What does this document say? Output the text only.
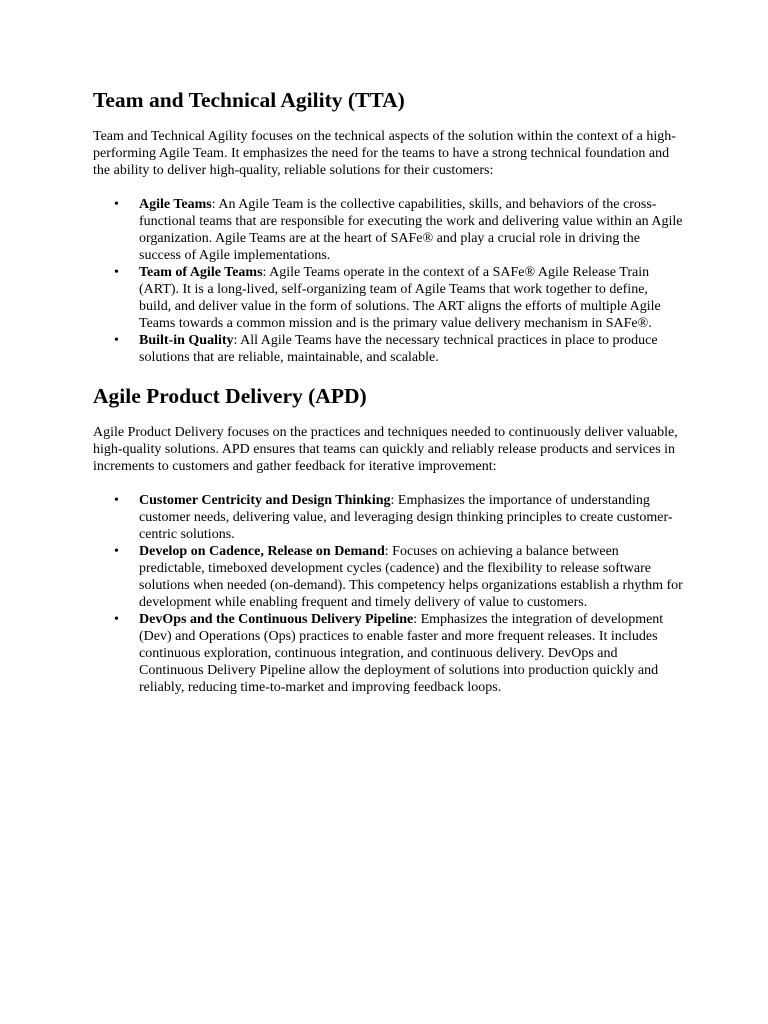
Team and Technical Agility (TTA)

Team and Technical Agility focuses on the technical aspects of the solution within the context of a high-performing Agile Team. It emphasizes the need for the teams to have a strong technical foundation and the ability to deliver high-quality, reliable solutions for their customers:

• Agile Teams: An Agile Team is the collective capabilities, skills, and behaviors of the cross-functional teams that are responsible for executing the work and delivering value within an Agile organization. Agile Teams are at the heart of SAFe® and play a crucial role in driving the success of Agile implementations.
• Team of Agile Teams: Agile Teams operate in the context of a SAFe® Agile Release Train (ART). It is a long-lived, self-organizing team of Agile Teams that work together to define, build, and deliver value in the form of solutions. The ART aligns the efforts of multiple Agile Teams towards a common mission and is the primary value delivery mechanism in SAFe®.
• Built-in Quality: All Agile Teams have the necessary technical practices in place to produce solutions that are reliable, maintainable, and scalable.
Agile Product Delivery (APD)

Agile Product Delivery focuses on the practices and techniques needed to continuously deliver valuable, high-quality solutions. APD ensures that teams can quickly and reliably release products and services in increments to customers and gather feedback for iterative improvement:

• Customer Centricity and Design Thinking: Emphasizes the importance of understanding customer needs, delivering value, and leveraging design thinking principles to create customer-centric solutions.
• Develop on Cadence, Release on Demand: Focuses on achieving a balance between predictable, timeboxed development cycles (cadence) and the flexibility to release software solutions when needed (on-demand). This competency helps organizations establish a rhythm for development while enabling frequent and timely delivery of value to customers.
• DevOps and the Continuous Delivery Pipeline: Emphasizes the integration of development (Dev) and Operations (Ops) practices to enable faster and more frequent releases. It includes continuous exploration, continuous integration, and continuous delivery. DevOps and Continuous Delivery Pipeline allow the deployment of solutions into production quickly and reliably, reducing time-to-market and improving feedback loops.
